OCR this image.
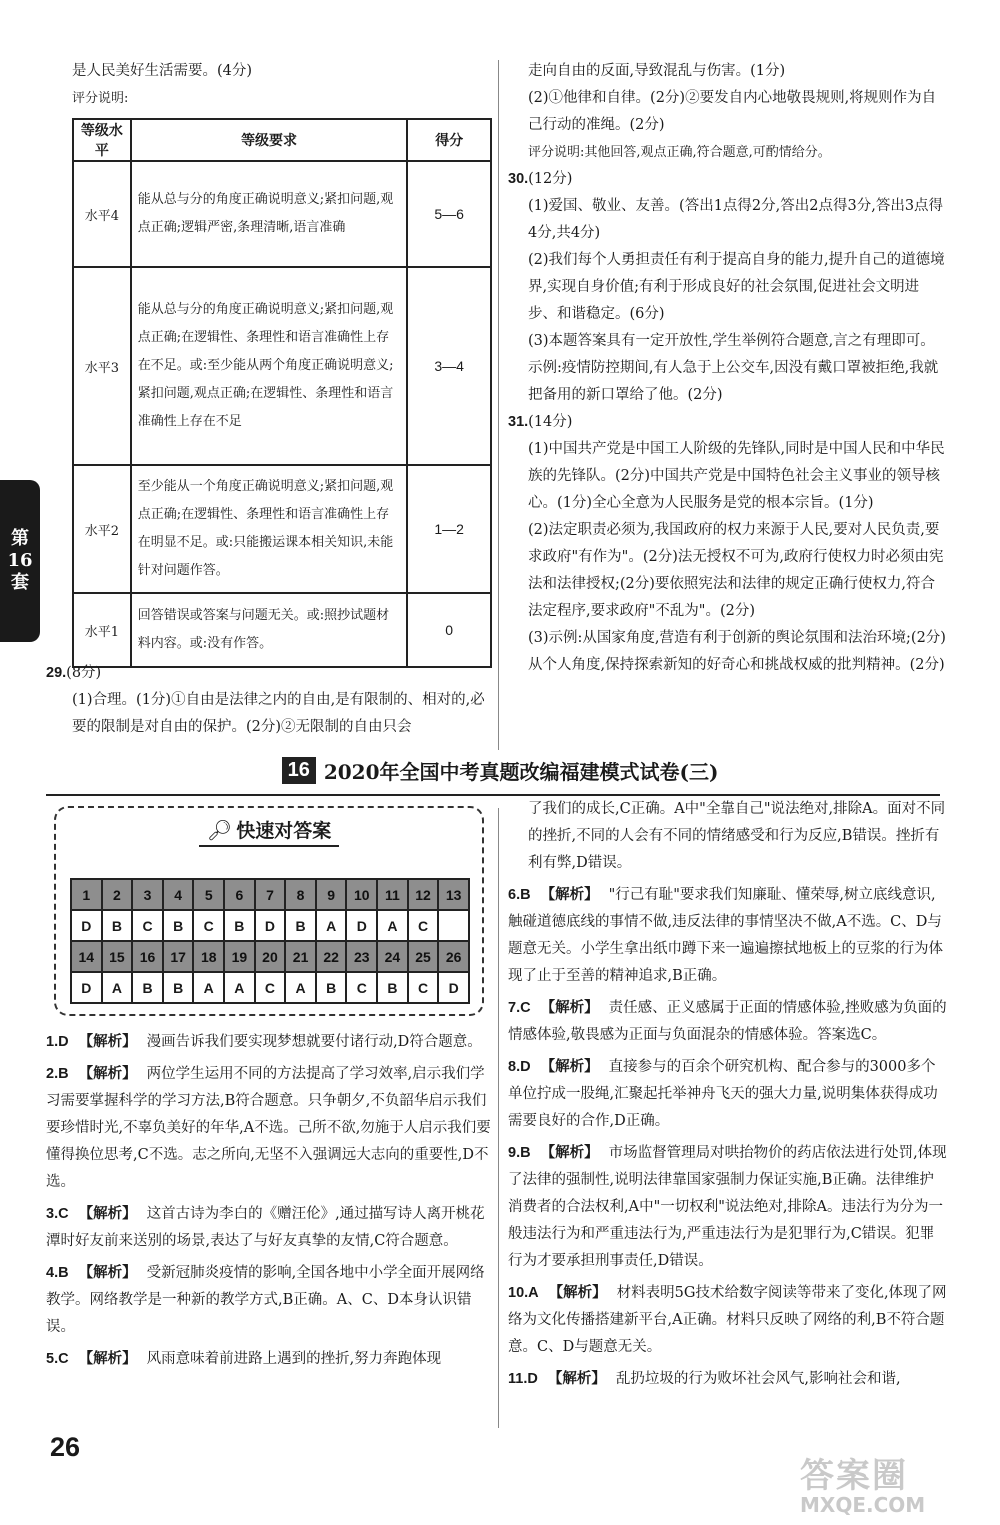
第
16
套
是人民美好生活需要。(4分)
评分说明:
等级水平	等级要求	得分
水平4	能从总与分的角度正确说明意义;紧扣问题,观点正确;逻辑严密,条理清晰,语言准确	5—6
水平3	能从总与分的角度正确说明意义;紧扣问题,观点正确;在逻辑性、条理性和语言准确性上存在不足。或:至少能从两个角度正确说明意义;紧扣问题,观点正确;在逻辑性、条理性和语言准确性上存在不足	3—4
水平2	至少能从一个角度正确说明意义;紧扣问题,观点正确;在逻辑性、条理性和语言准确性上存在明显不足。或:只能搬运课本相关知识,未能针对问题作答。	1—2
水平1	回答错误或答案与问题无关。或:照抄试题材料内容。或:没有作答。	0
29.(8分)
(1)合理。(1分)①自由是法律之内的自由,是有限制的、相对的,必要的限制是对自由的保护。(2分)②无限制的自由只会
走向自由的反面,导致混乱与伤害。(1分)
(2)①他律和自律。(2分)②要发自内心地敬畏规则,将规则作为自己行动的准绳。(2分)
评分说明:其他回答,观点正确,符合题意,可酌情给分。
30.(12分)
(1)爱国、敬业、友善。(答出1点得2分,答出2点得3分,答出3点得4分,共4分)
(2)我们每个人勇担责任有利于提高自身的能力,提升自己的道德境界,实现自身价值;有利于形成良好的社会氛围,促进社会文明进步、和谐稳定。(6分)
(3)本题答案具有一定开放性,学生举例符合题意,言之有理即可。示例:疫情防控期间,有人急于上公交车,因没有戴口罩被拒绝,我就把备用的新口罩给了他。(2分)
31.(14分)
(1)中国共产党是中国工人阶级的先锋队,同时是中国人民和中华民族的先锋队。(2分)中国共产党是中国特色社会主义事业的领导核心。(1分)全心全意为人民服务是党的根本宗旨。(1分)
(2)法定职责必须为,我国政府的权力来源于人民,要对人民负责,要求政府"有作为"。(2分)法无授权不可为,政府行使权力时必须由宪法和法律授权;(2分)要依照宪法和法律的规定正确行使权力,符合法定程序,要求政府"不乱为"。(2分)
(3)示例:从国家角度,营造有利于创新的舆论氛围和法治环境;(2分)从个人角度,保持探索新知的好奇心和挑战权威的批判精神。(2分)
16 2020年全国中考真题改编福建模式试卷(三)
🔎︎ 快速对答案
1	2	3	4	5	6	7	8	9	10	11	12	13
D	B	C	B	C	B	D	B	A	D	A	C	
14	15	16	17	18	19	20	21	22	23	24	25	26
D	A	B	B	A	A	C	A	B	C	B	C	D
1.D 【解析】 漫画告诉我们要实现梦想就要付诸行动,D符合题意。
2.B 【解析】 两位学生运用不同的方法提高了学习效率,启示我们学习需要掌握科学的学习方法,B符合题意。只争朝夕,不负韶华启示我们要珍惜时光,不辜负美好的年华,A不选。己所不欲,勿施于人启示我们要懂得换位思考,C不选。志之所向,无坚不入强调远大志向的重要性,D不选。
3.C 【解析】 这首古诗为李白的《赠汪伦》,通过描写诗人离开桃花潭时好友前来送别的场景,表达了与好友真挚的友情,C符合题意。
4.B 【解析】 受新冠肺炎疫情的影响,全国各地中小学全面开展网络教学。网络教学是一种新的教学方式,B正确。A、C、D本身认识错误。
5.C 【解析】 风雨意味着前进路上遇到的挫折,努力奔跑体现
了我们的成长,C正确。A中"全靠自己"说法绝对,排除A。面对不同的挫折,不同的人会有不同的情绪感受和行为反应,B错误。挫折有利有弊,D错误。
6.B 【解析】 "行己有耻"要求我们知廉耻、懂荣辱,树立底线意识,触碰道德底线的事情不做,违反法律的事情坚决不做,A不选。C、D与题意无关。小学生拿出纸巾蹲下来一遍遍擦拭地板上的豆浆的行为体现了止于至善的精神追求,B正确。
7.C 【解析】 责任感、正义感属于正面的情感体验,挫败感为负面的情感体验,敬畏感为正面与负面混杂的情感体验。答案选C。
8.D 【解析】 直接参与的百余个研究机构、配合参与的3000多个单位拧成一股绳,汇聚起托举神舟飞天的强大力量,说明集体获得成功需要良好的合作,D正确。
9.B 【解析】 市场监督管理局对哄抬物价的药店依法进行处罚,体现了法律的强制性,说明法律靠国家强制力保证实施,B正确。法律维护消费者的合法权利,A中"一切权利"说法绝对,排除A。违法行为分为一般违法行为和严重违法行为,严重违法行为是犯罪行为,C错误。犯罪行为才要承担刑事责任,D错误。
10.A 【解析】 材料表明5G技术给数字阅读等带来了变化,体现了网络为文化传播搭建新平台,A正确。材料只反映了网络的利,B不符合题意。C、D与题意无关。
11.D 【解析】 乱扔垃圾的行为败坏社会风气,影响社会和谐,
26
答案圈
MXQE.COM
